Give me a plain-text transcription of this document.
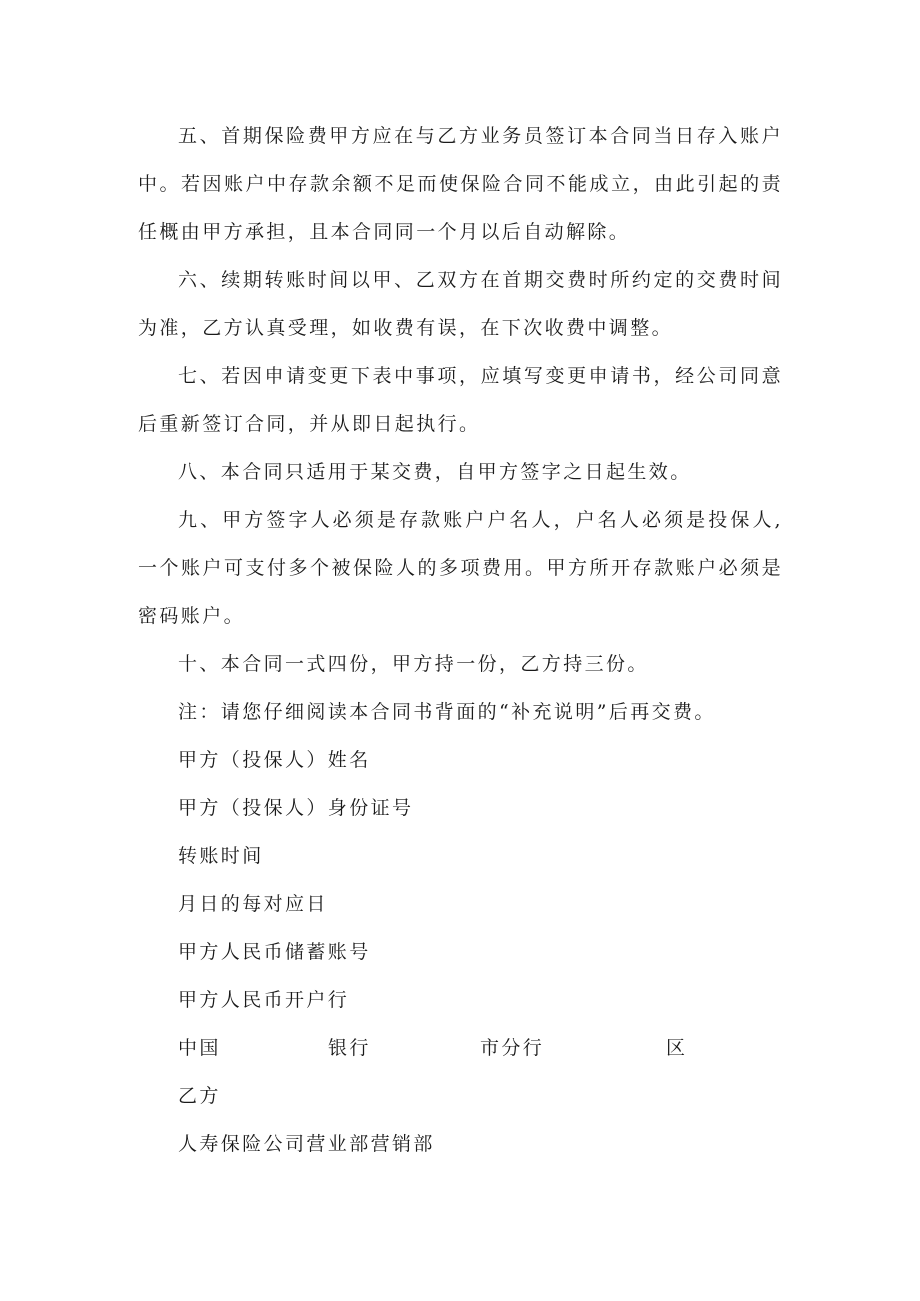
五、首期保险费甲方应在与乙方业务员签订本合同当日存入账户中。若因账户中存款余额不足而使保险合同不能成立，由此引起的责任概由甲方承担，且本合同同一个月以后自动解除。

六、续期转账时间以甲、乙双方在首期交费时所约定的交费时间为准，乙方认真受理，如收费有误，在下次收费中调整。

七、若因申请变更下表中事项，应填写变更申请书，经公司同意后重新签订合同，并从即日起执行。

八、本合同只适用于某交费，自甲方签字之日起生效。

九、甲方签字人必须是存款账户户名人，户名人必须是投保人,一个账户可支付多个被保险人的多项费用。甲方所开存款账户必须是密码账户。

十、本合同一式四份，甲方持一份，乙方持三份。

注：请您仔细阅读本合同书背面的“补充说明”后再交费。

甲方（投保人）姓名

甲方（投保人）身份证号

转账时间

月日的每对应日

甲方人民币储蓄账号

甲方人民币开户行

中国	银行	市分行	区

乙方

人寿保险公司营业部营销部
